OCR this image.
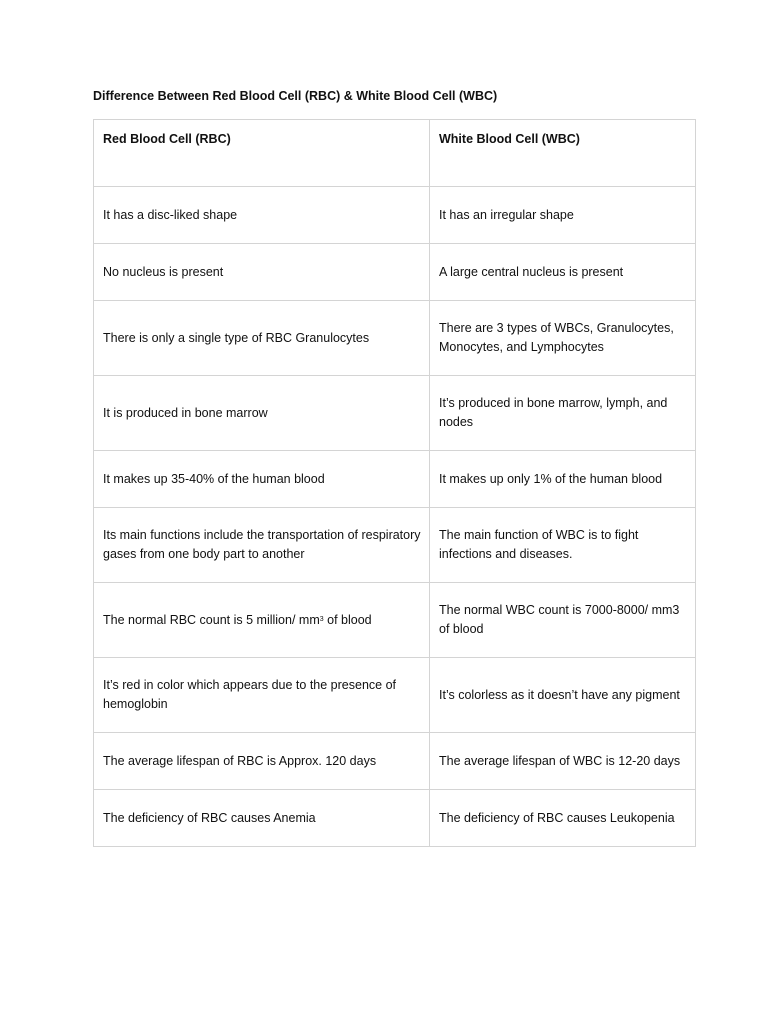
Difference Between Red Blood Cell (RBC) & White Blood Cell (WBC)
Red Blood Cell (RBC)	White Blood Cell (WBC)
It has a disc-liked shape	It has an irregular shape
No nucleus is present	A large central nucleus is present
There is only a single type of RBC Granulocytes	There are 3 types of WBCs, Granulocytes, Monocytes, and Lymphocytes
It is produced in bone marrow	It’s produced in bone marrow, lymph, and nodes
It makes up 35-40% of the human blood	It makes up only 1% of the human blood
Its main functions include the transportation of respiratory gases from one body part to another	The main function of WBC is to fight infections and diseases.
The normal RBC count is 5 million/ $mm^3$ of blood	The normal WBC count is 7000-8000/ mm3 of blood
It’s red in color which appears due to the presence of hemoglobin	It’s colorless as it doesn’t have any pigment
The average lifespan of RBC is Approx. 120 days	The average lifespan of WBC is 12-20 days
The deficiency of RBC causes Anemia	The deficiency of RBC causes Leukopenia
